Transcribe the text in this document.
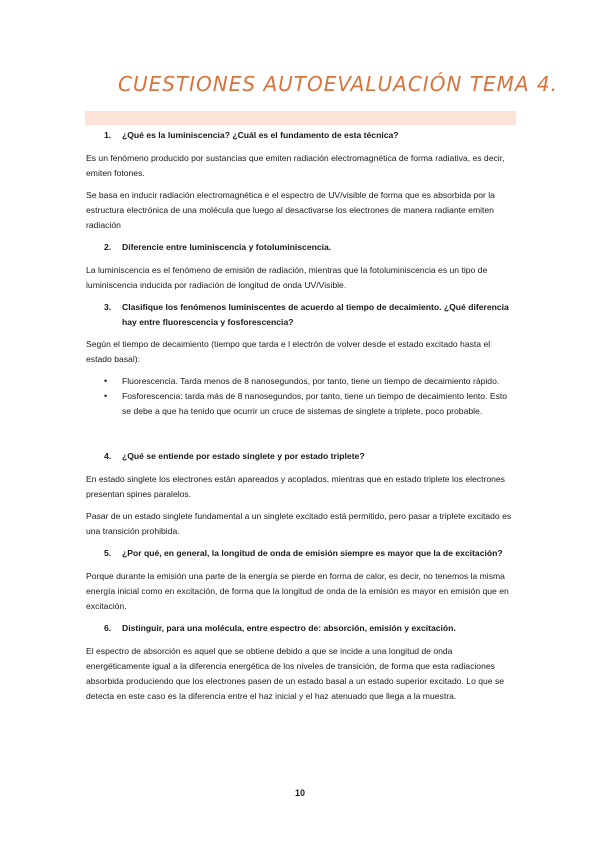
CUESTIONES AUTOEVALUACIÓN TEMA 4.
1.	¿Qué es la luminiscencia? ¿Cuál es el fundamento de esta técnica?

Es un fenómeno producido por sustancias que emiten radiación electromagnética de forma radiativa, es decir, emiten fotones.

Se basa en inducir radiación electromagnética e el espectro de UV/visible de forma que es absorbida por la estructura electrónica de una molécula que luego al desactivarse los electrones de manera radiante emiten radiación

2.	Diferencie entre luminiscencia y fotoluminiscencia.

La luminiscencia es el fenómeno de emisión de radiación, mientras que la fotoluminiscencia es un tipo de luminiscencia inducida por radiación de longitud de onda UV/Visible.

3.	Clasifique los fenómenos luminiscentes de acuerdo al tiempo de decaimiento. ¿Qué diferencia hay entre fluorescencia y fosforescencia?

Según el tiempo de decaimiento (tiempo que tarda e l electrón de volver desde el estado excitado hasta el estado basal):

•	Fluorescencia. Tarda menos de 8 nanosegundos, por tanto, tiene un tiempo de decaimiento rápido.
•	Fosforescencia: tarda más de 8 nanosegundos, por tanto, tiene un tiempo de decaimiento lento. Esto se debe a que ha tenido que ocurrir un cruce de sistemas de singlete a triplete, poco probable.
4.	¿Qué se entiende por estado singlete y por estado triplete?

En estado singlete los electrones están apareados y acoplados, mientras que en estado triplete los electrones presentan spines paralelos.

Pasar de un estado singlete fundamental a un singlete excitado está permitido, pero pasar a triplete excitado es una transición prohibida.

5.	¿Por qué, en general, la longitud de onda de emisión siempre es mayor que la de excitación?

Porque durante la emisión una parte de la energía se pierde en forma de calor, es decir, no tenemos la misma energía inicial como en excitación, de forma que la longitud de onda de la emisión es mayor en emisión que en excitación.

6.	Distinguir, para una molécula, entre espectro de: absorción, emisión y excitación.

El espectro de absorción es aquel que se obtiene debido a que se incide a una longitud de onda energéticamente igual a la diferencia energética de los niveles de transición, de forma que esta radiaciones absorbida produciendo que los electrones pasen de un estado basal a un estado superior excitado. Lo que se detecta en este caso es la diferencia entre el haz inicial y el haz atenuado que llega a la muestra.

10
